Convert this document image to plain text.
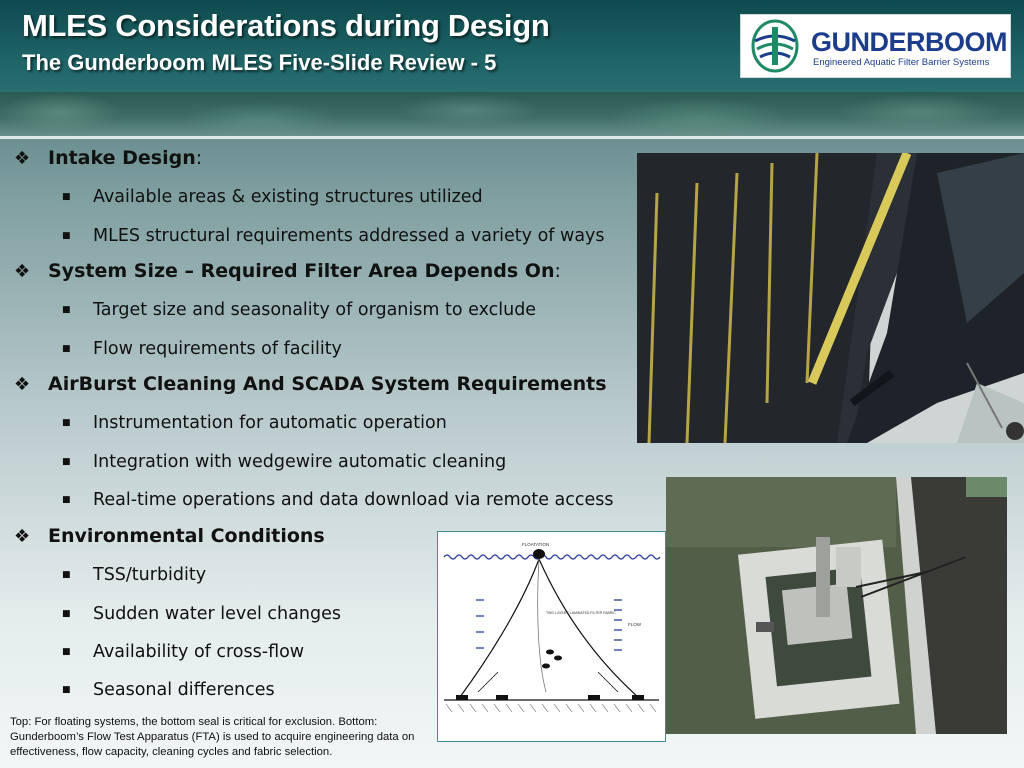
MLES Considerations during Design
The Gunderboom MLES Five-Slide Review - 5
GUNDERBOOM
Engineered Aquatic Filter Barrier Systems

❖ Intake Design:

■ Available areas & existing structures utilized

■ MLES structural requirements addressed a variety of ways

❖ System Size – Required Filter Area Depends On:

■ Target size and seasonality of organism to exclude

■ Flow requirements of facility

❖ AirBurst Cleaning And SCADA System Requirements

■ Instrumentation for automatic operation

■ Integration with wedgewire automatic cleaning

■ Real-time operations and data download via remote access

❖ Environmental Conditions

■ TSS/turbidity

■ Sudden water level changes

■ Availability of cross-flow

■ Seasonal differences

FLOATATION
TWO LAYERS LAMINATED FILTER FABRIC
FLOW

Top: For floating systems, the bottom seal is critical for exclusion. Bottom: Gunderboom’s Flow Test Apparatus (FTA) is used to acquire engineering data on effectiveness, flow capacity, cleaning cycles and fabric selection.
